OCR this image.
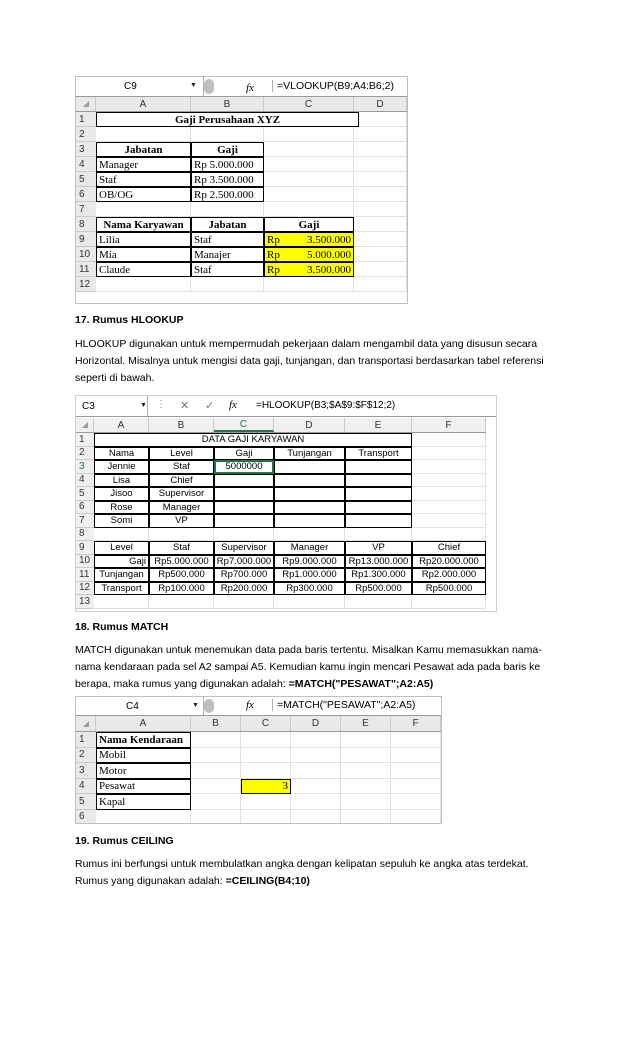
C9	▼	fx	=VLOOKUP(B9;A4:B6;2)
A	B	C	D
1
2
3
4
5
6
7
8
9
10
11
12
Gaji Perusahaan XYZ
Jabatan	Gaji
Manager	Rp 5.000.000
Staf	Rp 3.500.000
OB/OG	Rp 2.500.000
Nama Karyawan	Jabatan	Gaji
Lilia	Staf	Rp 3.500.000
Mia	Manajer	Rp 5.000.000
Claude	Staf	Rp 3.500.000
17. Rumus HLOOKUP
HLOOKUP digunakan untuk mempermudah pekerjaan dalam mengambil data yang disusun secara Horizontal. Misalnya untuk mengisi data gaji, tunjangan, dan transportasi berdasarkan tabel referensi seperti di bawah.
C3	▼ ⋮ ✕ ✓ fx =HLOOKUP(B3;$A$9:$F$12;2)
A	B	C	D	E	F
1
2
3
4
5
6
7
8
9
10
11
12
13
DATA GAJI KARYAWAN
Nama	Level	Gaji	Tunjangan	Transport
Jennie	Staf	5000000
Lisa	Chief
Jisoo	Supervisor
Rose	Manager
Somi	VP
Level	Staf	Supervisor	Manager	VP	Chief
Gaji Rp5.000.000 Rp7.000.000	Rp9.000.000	Rp13.000.000	Rp20.000.000
Tunjangan	Rp500.000	Rp700.000	Rp1.000.000	Rp1.300.000	Rp2.000.000
Transport	Rp100.000	Rp200.000	Rp300.000	Rp500.000	Rp500.000
18. Rumus MATCH
MATCH digunakan untuk menemukan data pada baris tertentu. Misalkan Kamu memasukkan nama-nama kendaraan pada sel A2 sampai A5. Kemudian kamu ingin mencari Pesawat ada pada baris ke berapa, maka rumus yang digunakan adalah: =MATCH("PESAWAT";A2:A5)
C4	▼	fx	=MATCH("PESAWAT";A2:A5)
A	B	C	D	E	F
1
2
3
4
5
6
Nama Kendaraan
Mobil
Motor
Pesawat	3
Kapal
19. Rumus CEILING
Rumus ini berfungsi untuk membulatkan angka dengan kelipatan sepuluh ke angka atas terdekat. Rumus yang digunakan adalah: =CEILING(B4;10)
